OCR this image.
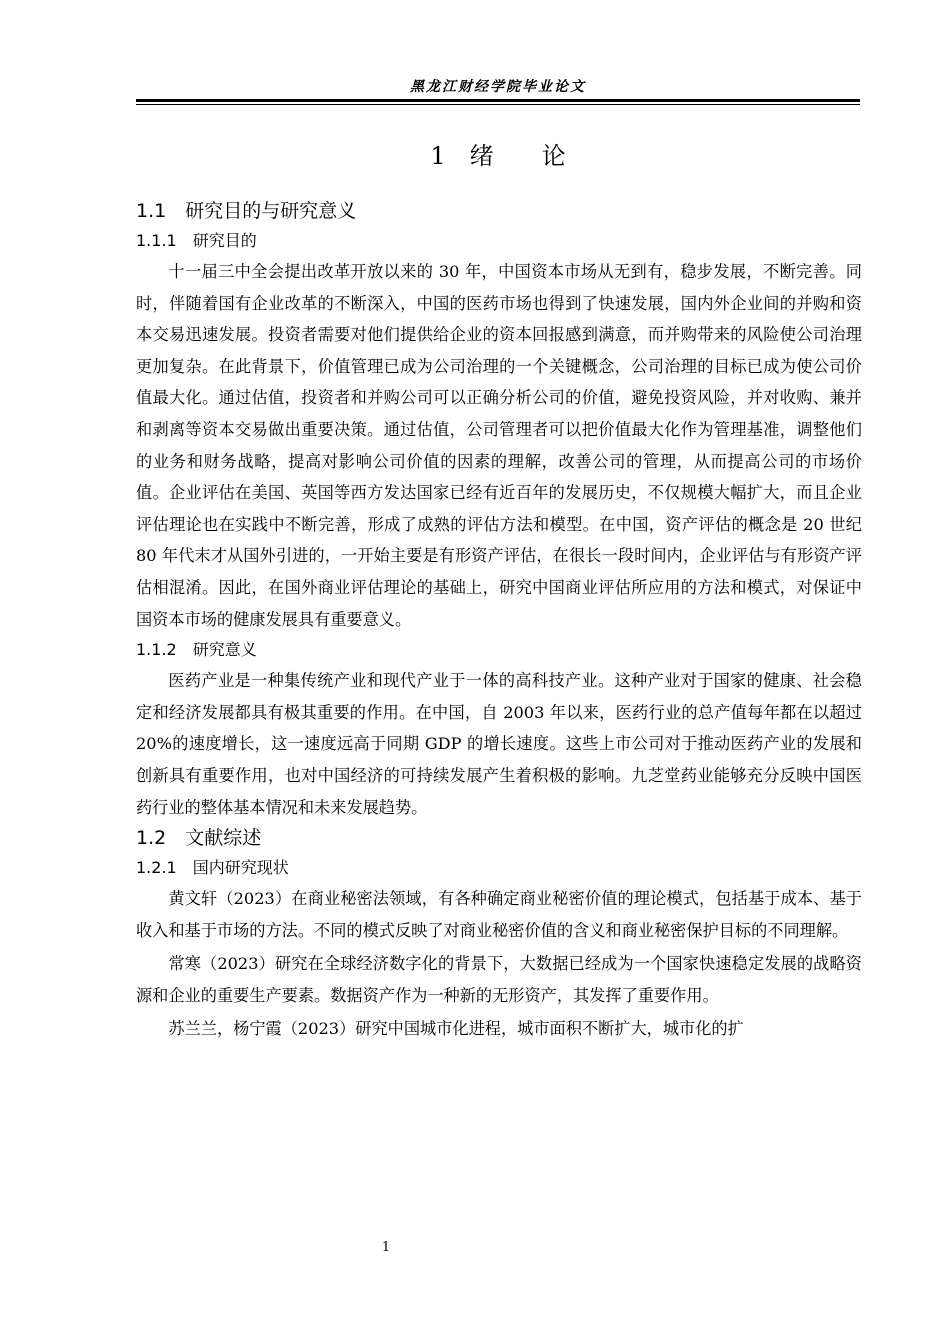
黑龙江财经学院毕业论文
1　绪　　论

1.1　研究目的与研究意义

1.1.1　研究目的

十一届三中全会提出改革开放以来的 30 年，中国资本市场从无到有，稳步发展，不断完善。同时，伴随着国有企业改革的不断深入，中国的医药市场也得到了快速发展，国内外企业间的并购和资本交易迅速发展。投资者需要对他们提供给企业的资本回报感到满意，而并购带来的风险使公司治理更加复杂。在此背景下，价值管理已成为公司治理的一个关键概念，公司治理的目标已成为使公司价值最大化。通过估值，投资者和并购公司可以正确分析公司的价值，避免投资风险，并对收购、兼并和剥离等资本交易做出重要决策。通过估值，公司管理者可以把价值最大化作为管理基准，调整他们的业务和财务战略，提高对影响公司价值的因素的理解，改善公司的管理，从而提高公司的市场价值。企业评估在美国、英国等西方发达国家已经有近百年的发展历史，不仅规模大幅扩大，而且企业评估理论也在实践中不断完善，形成了成熟的评估方法和模型。在中国，资产评估的概念是 20 世纪 80 年代末才从国外引进的，一开始主要是有形资产评估，在很长一段时间内，企业评估与有形资产评估相混淆。因此，在国外商业评估理论的基础上，研究中国商业评估所应用的方法和模式，对保证中国资本市场的健康发展具有重要意义。

1.1.2　研究意义

医药产业是一种集传统产业和现代产业于一体的高科技产业。这种产业对于国家的健康、社会稳定和经济发展都具有极其重要的作用。在中国，自 2003 年以来，医药行业的总产值每年都在以超过 20%的速度增长，这一速度远高于同期 GDP 的增长速度。这些上市公司对于推动医药产业的发展和创新具有重要作用，也对中国经济的可持续发展产生着积极的影响。九芝堂药业能够充分反映中国医药行业的整体基本情况和未来发展趋势。

1.2　文献综述

1.2.1　国内研究现状

黄文轩（2023）在商业秘密法领域，有各种确定商业秘密价值的理论模式，包括基于成本、基于收入和基于市场的方法。不同的模式反映了对商业秘密价值的含义和商业秘密保护目标的不同理解。

常寒（2023）研究在全球经济数字化的背景下，大数据已经成为一个国家快速稳定发展的战略资源和企业的重要生产要素。数据资产作为一种新的无形资产，其发挥了重要作用。

苏兰兰，杨宁霞（2023）研究中国城市化进程，城市面积不断扩大，城市化的扩

1
